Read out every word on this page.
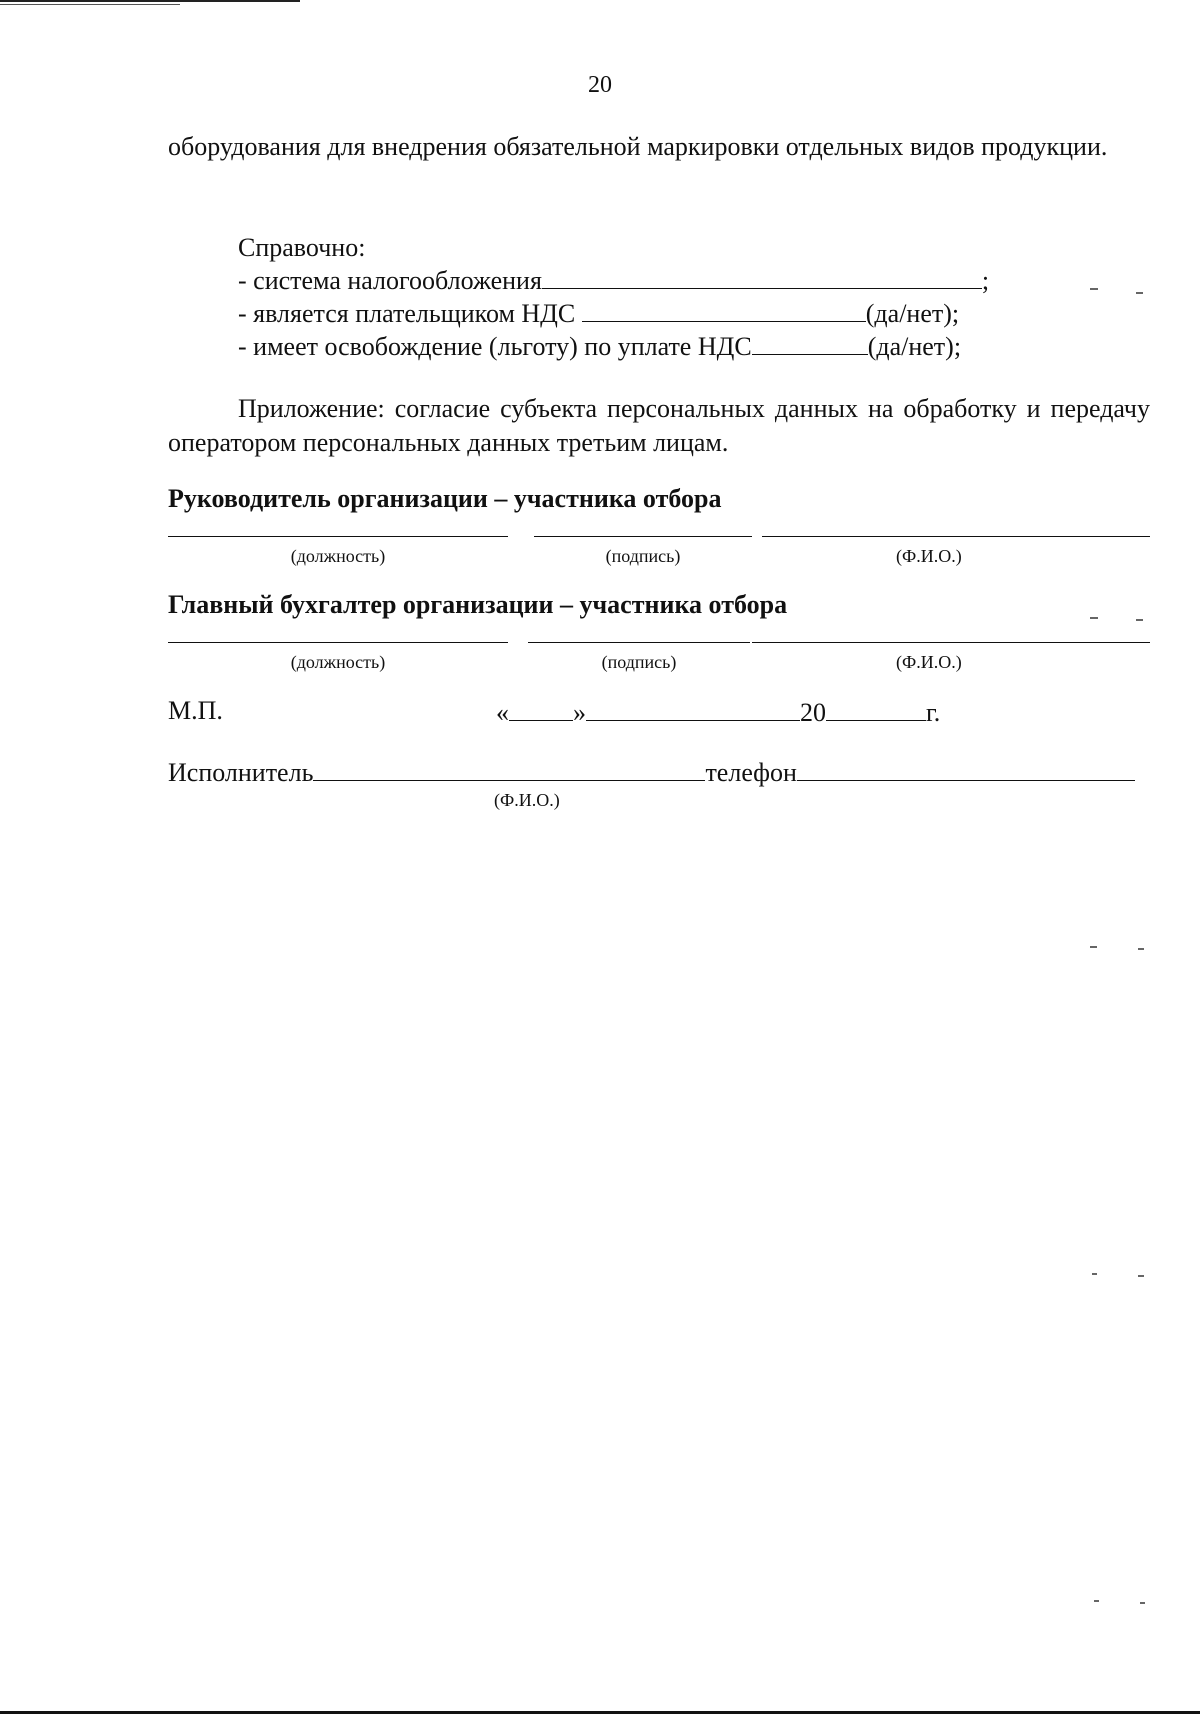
20
оборудования для внедрения обязательной маркировки отдельных видов продукции.
Справочно:
- система налогообложения	;
- является плательщиком НДС	(да/нет);
- имеет освобождение (льготу) по уплате НДС	(да/нет);
Приложение: согласие субъекта персональных данных на обработку и передачу оператором персональных данных третьим лицам.
Руководитель организации – участника отбора
(должность)	(подпись)	(Ф.И.О.)
Главный бухгалтер организации – участника отбора
(должность)	(подпись)	(Ф.И.О.)
М.П.	« »	20	г.
Исполнитель	телефон
(Ф.И.О.)
